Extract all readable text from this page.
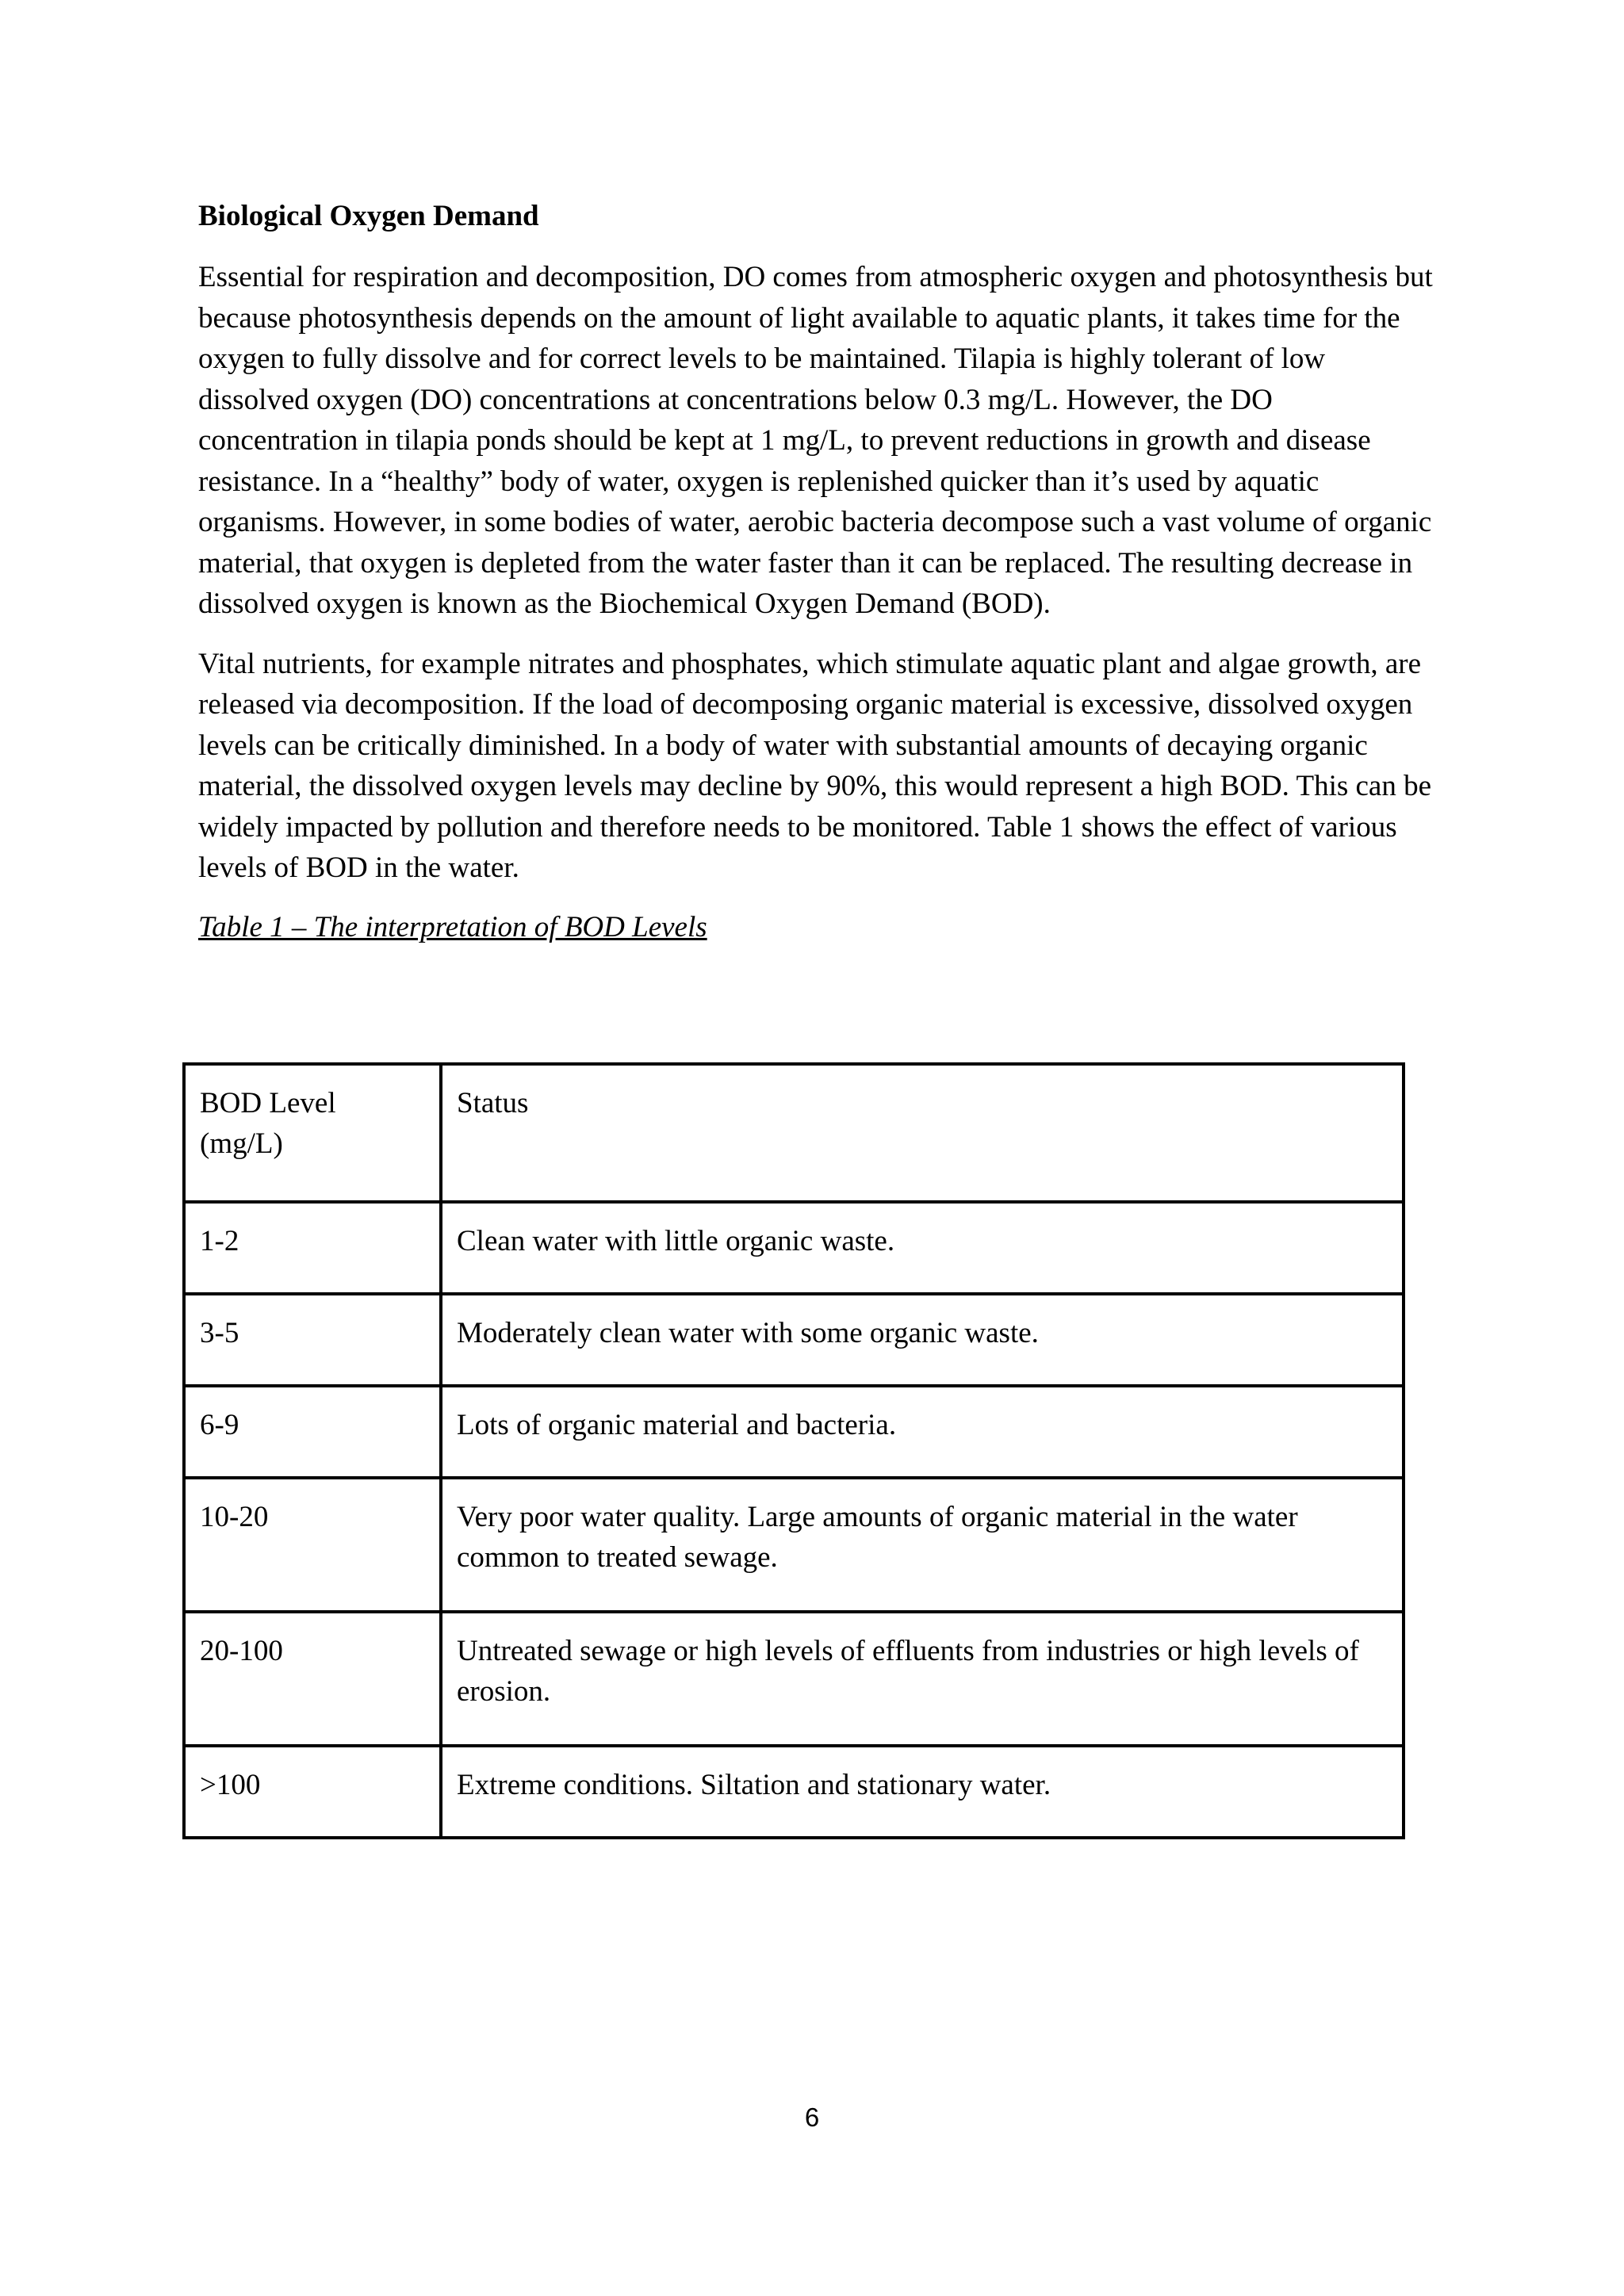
Biological Oxygen Demand

Essential for respiration and decomposition, DO comes from atmospheric oxygen and photosynthesis but because photosynthesis depends on the amount of light available to aquatic plants, it takes time for the oxygen to fully dissolve and for correct levels to be maintained. Tilapia is highly tolerant of low dissolved oxygen (DO) concentrations at concentrations below 0.3 mg/L. However, the DO concentration in tilapia ponds should be kept at 1 mg/L, to prevent reductions in growth and disease resistance. In a “healthy” body of water, oxygen is replenished quicker than it’s used by aquatic organisms. However, in some bodies of water, aerobic bacteria decompose such a vast volume of organic material, that oxygen is depleted from the water faster than it can be replaced. The resulting decrease in dissolved oxygen is known as the Biochemical Oxygen Demand (BOD).

Vital nutrients, for example nitrates and phosphates, which stimulate aquatic plant and algae growth, are released via decomposition. If the load of decomposing organic material is excessive, dissolved oxygen levels can be critically diminished. In a body of water with substantial amounts of decaying organic material, the dissolved oxygen levels may decline by 90%, this would represent a high BOD. This can be widely impacted by pollution and therefore needs to be monitored. Table 1 shows the effect of various levels of BOD in the water.

Table 1 – The interpretation of BOD Levels
BOD Level (mg/L)	Status
1-2	Clean water with little organic waste.
3-5	Moderately clean water with some organic waste.
6-9	Lots of organic material and bacteria.
10-20	Very poor water quality. Large amounts of organic material in the water common to treated sewage.
20-100	Untreated sewage or high levels of effluents from industries or high levels of erosion.
>100	Extreme conditions. Siltation and stationary water.
6
